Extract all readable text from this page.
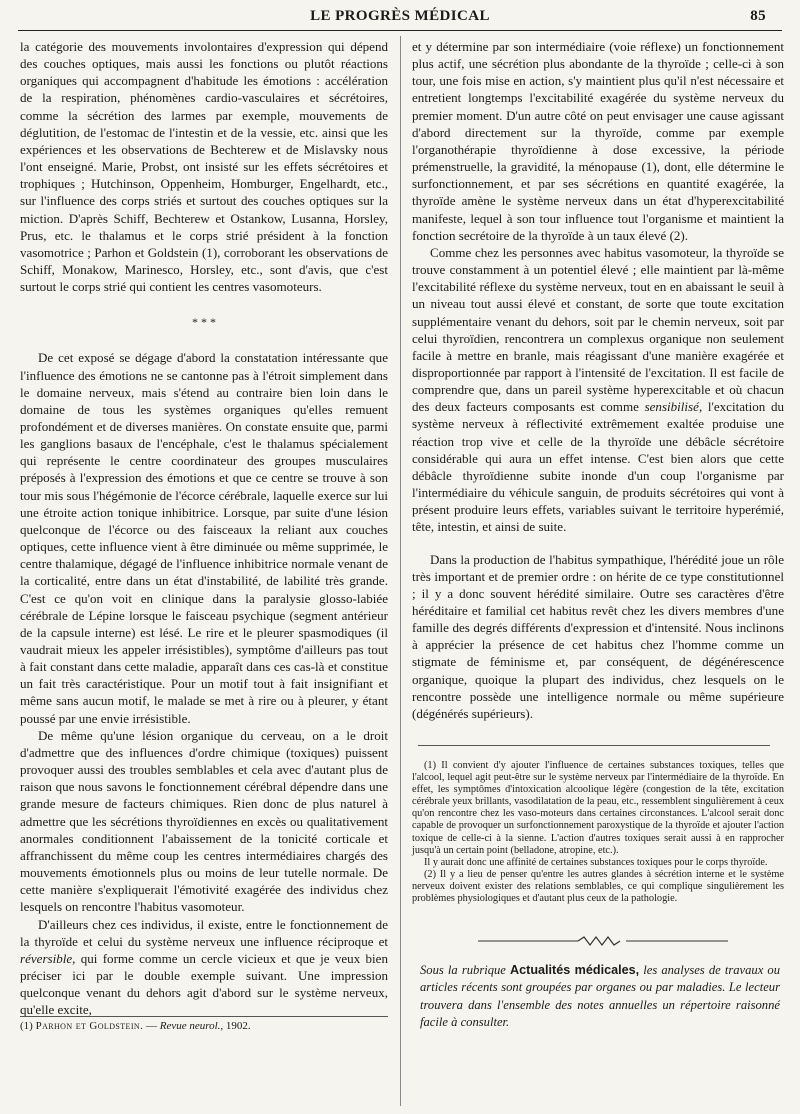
LE PROGRÈS MÉDICAL	85

la catégorie des mouvements involontaires d'expression qui dépend des couches optiques, mais aussi les fonctions ou plutôt réactions organiques qui accompagnent d'habitude les émotions : accélération de la respiration, phénomènes cardio-vasculaires et sécrétoires, comme la sécrétion des larmes par exemple, mouvements de déglutition, de l'estomac de l'intestin et de la vessie, etc. ainsi que les expériences et les observations de Bechterew et de Mislavsky nous l'ont enseigné. Marie, Probst, ont insisté sur les effets sécrétoires et trophiques ; Hutchinson, Oppenheim, Homburger, Engelhardt, etc., sur l'influence des corps striés et surtout des couches optiques sur la miction. D'après Schiff, Bechterew et Ostankow, Lusanna, Horsley, Prus, etc. le thalamus et le corps strié président à la fonction vasomotrice ; Parhon et Goldstein (1), corroborant les observations de Schiff, Monakow, Marinesco, Horsley, etc., sont d'avis, que c'est surtout le corps strié qui contient les centres vasomoteurs.

* * *

De cet exposé se dégage d'abord la constatation intéressante que l'influence des émotions ne se cantonne pas à l'étroit simplement dans le domaine nerveux, mais s'étend au contraire bien loin dans le domaine de tous les systèmes organiques qu'elles remuent profondément et de diverses manières. On constate ensuite que, parmi les ganglions basaux de l'encéphale, c'est le thalamus spécialement qui représente le centre coordinateur des groupes musculaires préposés à l'expression des émotions et que ce centre se trouve à son tour mis sous l'hégémonie de l'écorce cérébrale, laquelle exerce sur lui une étroite action tonique inhibitrice. Lorsque, par suite d'une lésion quelconque de l'écorce ou des faisceaux la reliant aux couches optiques, cette influence vient à être diminuée ou même supprimée, le centre thalamique, dégagé de l'influence inhibitrice normale venant de la corticalité, entre dans un état d'instabilité, de labilité très grande. C'est ce qu'on voit en clinique dans la paralysie glosso-labiée cérébrale de Lépine lorsque le faisceau psychique (segment antérieur de la capsule interne) est lésé. Le rire et le pleurer spasmodiques (il vaudrait mieux les appeler irrésistibles), symptôme d'ailleurs pas tout à fait constant dans cette maladie, apparaît dans ces cas-là et constitue un fait très caractéristique. Pour un motif tout à fait insignifiant et même sans aucun motif, le malade se met à rire ou à pleurer, y étant poussé par une envie irrésistible.

De même qu'une lésion organique du cerveau, on a le droit d'admettre que des influences d'ordre chimique (toxiques) puissent provoquer aussi des troubles semblables et cela avec d'autant plus de raison que nous savons le fonctionnement cérébral dépendre dans une grande mesure de facteurs chimiques. Rien donc de plus naturel à admettre que les sécrétions thyroïdiennes en excès ou qualitativement anormales conditionnent l'abaissement de la tonicité corticale et affranchissent du même coup les centres intermédiaires chargés des mouvements émotionnels plus ou moins de leur tutelle normale. De cette manière s'expliquerait l'émotivité exagérée des individus chez lesquels on rencontre l'habitus vasomoteur.

D'ailleurs chez ces individus, il existe, entre le fonctionnement de la thyroïde et celui du système nerveux une influence réciproque et réversible, qui forme comme un cercle vicieux et que je veux bien préciser ici par le double exemple suivant. Une impression quelconque venant du dehors agit d'abord sur le système nerveux, qu'elle excite,

(1) Parhon et Goldstein. — Revue neurol., 1902.

et y détermine par son intermédiaire (voie réflexe) un fonctionnement plus actif, une sécrétion plus abondante de la thyroïde ; celle-ci à son tour, une fois mise en action, s'y maintient plus qu'il n'est nécessaire et entretient longtemps l'excitabilité exagérée du système nerveux du premier moment. D'un autre côté on peut envisager une cause agissant d'abord directement sur la thyroïde, comme par exemple l'organothérapie thyroïdienne à dose excessive, la période prémenstruelle, la gravidité, la ménopause (1), dont, elle détermine le surfonctionnement, et par ses sécrétions en quantité exagérée, la thyroïde amène le système nerveux dans un état d'hyperexcitabilité manifeste, lequel à son tour influence tout l'organisme et maintient la fonction secrétoire de la thyroïde à un taux élevé (2).

Comme chez les personnes avec habitus vasomoteur, la thyroïde se trouve constamment à un potentiel élevé ; elle maintient par là-même l'excitabilité réflexe du système nerveux, tout en en abaissant le seuil à un niveau tout aussi élevé et constant, de sorte que toute excitation supplémentaire venant du dehors, soit par le chemin nerveux, soit par celui thyroïdien, rencontrera un complexus organique non seulement facile à mettre en branle, mais réagissant d'une manière exagérée et disproportionnée par rapport à l'intensité de l'excitation. Il est facile de comprendre que, dans un pareil système hyperexcitable et où chacun des deux facteurs composants est comme sensibilisé, l'excitation du système nerveux à réflectivité extrêmement exaltée produise une réaction trop vive et celle de la thyroïde une débâcle sécrétoire considérable qui aura un effet intense. C'est bien alors que cette débâcle thyroïdienne subite inonde d'un coup l'organisme par l'intermédiaire du véhicule sanguin, de produits sécrétoires qui vont à présent produire leurs effets, variables suivant le territoire hyperémié, tête, intestin, et ainsi de suite.

Dans la production de l'habitus sympathique, l'hérédité joue un rôle très important et de premier ordre : on hérite de ce type constitutionnel ; il y a donc souvent hérédité similaire. Outre ses caractères d'être héréditaire et familial cet habitus revêt chez les divers membres d'une famille des degrés différents d'expression et d'intensité. Nous inclinons à apprécier la présence de cet habitus chez l'homme comme un stigmate de féminisme et, par conséquent, de dégénérescence organique, quoique la plupart des individus, chez lesquels on le rencontre possède une intelligence normale ou même supérieure (dégénérés supérieurs).

(1) Il convient d'y ajouter l'influence de certaines substances toxiques, telles que l'alcool, lequel agit peut-être sur le système nerveux par l'intermédiaire de la thyroïde. En effet, les symptômes d'intoxication alcoolique légère (congestion de la tête, excitation cérébrale yeux brillants, vasodilatation de la peau, etc., ressemblent singulièrement à ceux qu'on rencontre chez les vaso-moteurs dans certaines circonstances. L'alcool serait donc capable de provoquer un surfonctionnement paroxystique de la thyroïde et ajouter l'action toxique de celle-ci à la sienne. L'action d'autres toxiques serait aussi à en rapprocher jusqu'à un certain point (belladone, atropine, etc.).

Il y aurait donc une affinité de certaines substances toxiques pour le corps thyroïde.

(2) Il y a lieu de penser qu'entre les autres glandes à sécrétion interne et le système nerveux doivent exister des relations semblables, ce qui complique singulièrement les problèmes physiologiques et d'autant plus ceux de la pathologie.

Sous la rubrique Actualités médicales, les analyses de travaux ou articles récents sont groupées par organes ou par maladies. Le lecteur trouvera dans l'ensemble des notes annuelles un répertoire raisonné facile à consulter.
